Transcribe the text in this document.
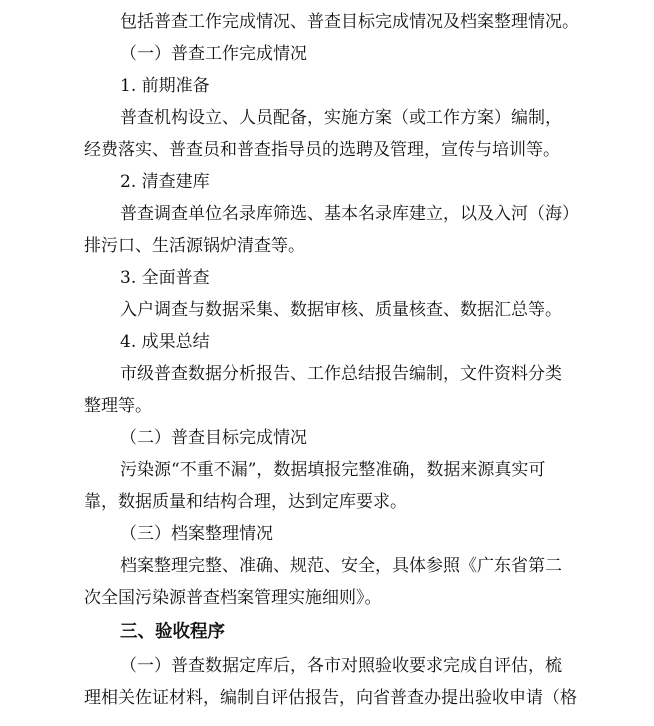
包括普查工作完成情况、普查目标完成情况及档案整理情况。
（一）普查工作完成情况
1. 前期准备
普查机构设立、人员配备，实施方案（或工作方案）编制，
经费落实、普查员和普查指导员的选聘及管理，宣传与培训等。
2. 清查建库
普查调查单位名录库筛选、基本名录库建立，以及入河（海）
排污口、生活源锅炉清查等。
3. 全面普查
入户调查与数据采集、数据审核、质量核查、数据汇总等。
4. 成果总结
市级普查数据分析报告、工作总结报告编制，文件资料分类
整理等。
（二）普查目标完成情况
污染源“不重不漏”，数据填报完整准确，数据来源真实可
靠，数据质量和结构合理，达到定库要求。
（三）档案整理情况
档案整理完整、准确、规范、安全，具体参照《广东省第二
次全国污染源普查档案管理实施细则》。
三、验收程序
（一）普查数据定库后，各市对照验收要求完成自评估，梳
理相关佐证材料，编制自评估报告，向省普查办提出验收申请（格
